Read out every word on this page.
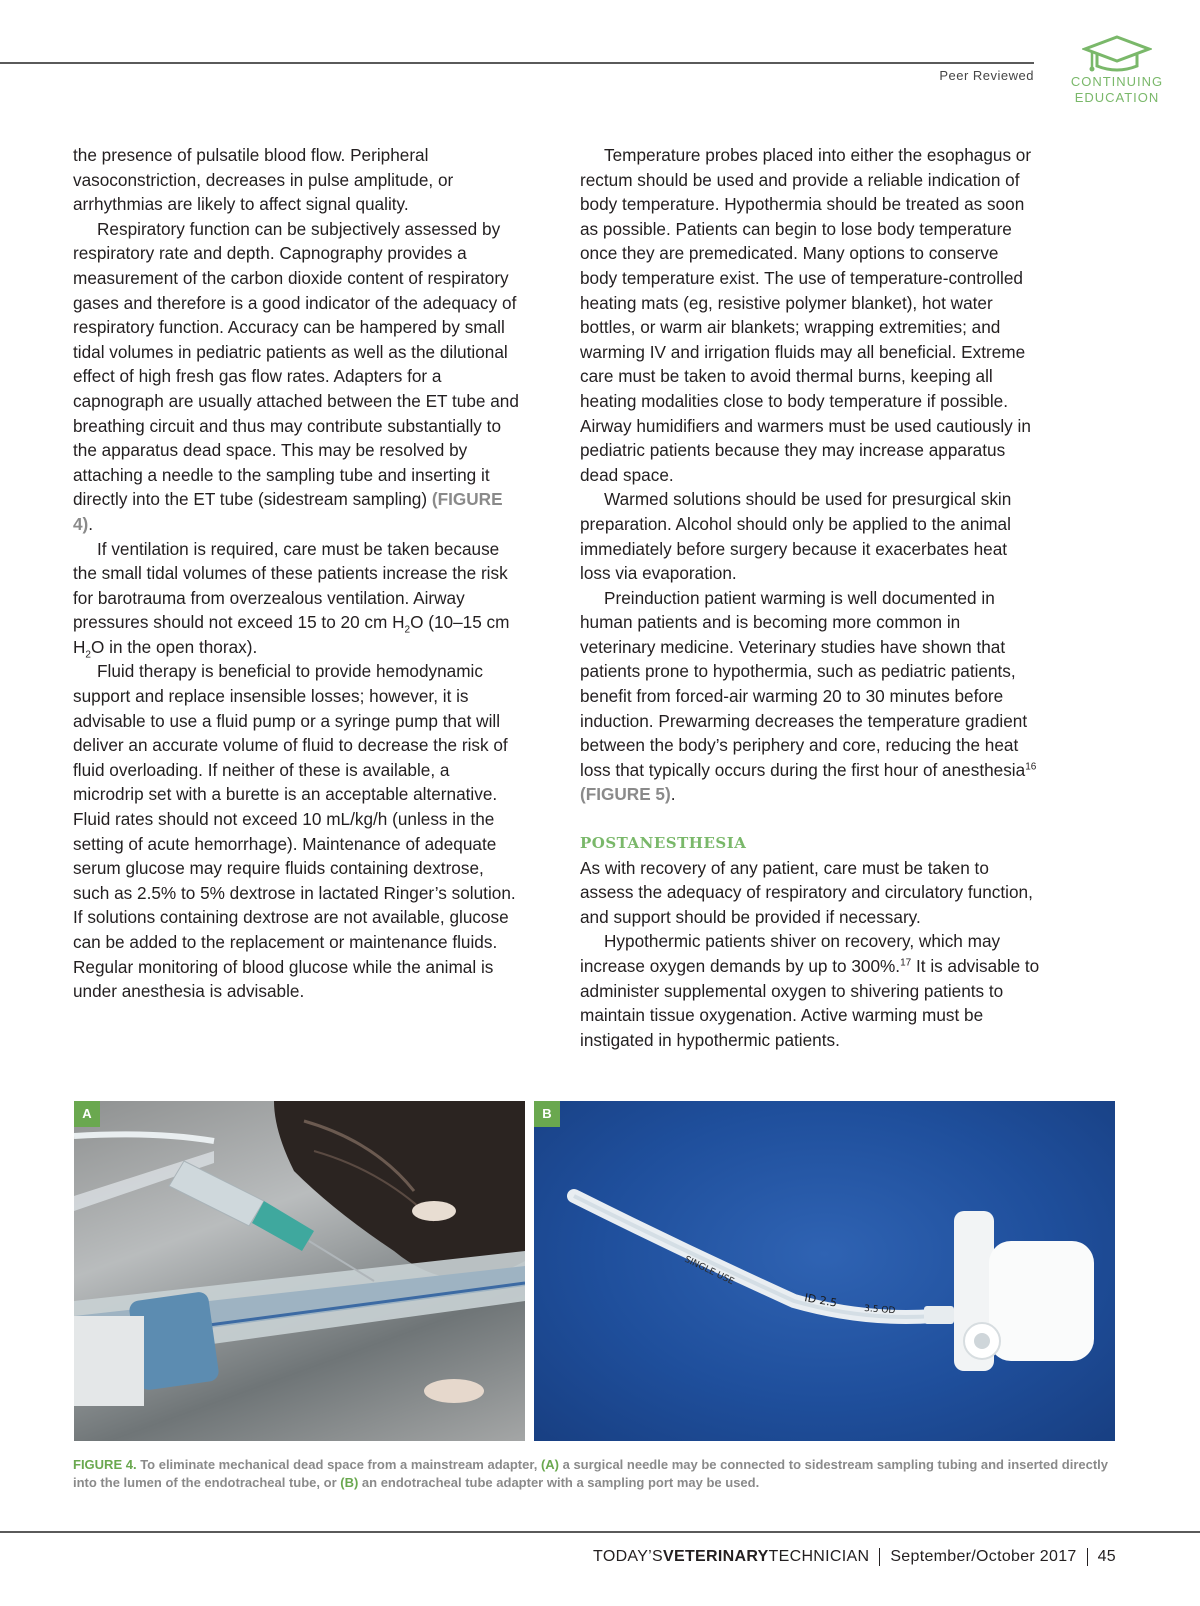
Peer Reviewed	CONTINUING
EDUCATION

the presence of pulsatile blood flow. Peripheral vasoconstriction, decreases in pulse amplitude, or arrhythmias are likely to affect signal quality.

Respiratory function can be subjectively assessed by respiratory rate and depth. Capnography provides a measurement of the carbon dioxide content of respiratory gases and therefore is a good indicator of the adequacy of respiratory function. Accuracy can be hampered by small tidal volumes in pediatric patients as well as the dilutional effect of high fresh gas flow rates. Adapters for a capnograph are usually attached between the ET tube and breathing circuit and thus may contribute substantially to the apparatus dead space. This may be resolved by attaching a needle to the sampling tube and inserting it directly into the ET tube (sidestream sampling) (FIGURE 4).

If ventilation is required, care must be taken because the small tidal volumes of these patients increase the risk for barotrauma from overzealous ventilation. Airway pressures should not exceed 15 to 20 cm $H_2O$ (10–15 cm $H_2O$ in the open thorax).

Fluid therapy is beneficial to provide hemodynamic support and replace insensible losses; however, it is advisable to use a fluid pump or a syringe pump that will deliver an accurate volume of fluid to decrease the risk of fluid overloading. If neither of these is available, a microdrip set with a burette is an acceptable alternative. Fluid rates should not exceed 10 mL/kg/h (unless in the setting of acute hemorrhage). Maintenance of adequate serum glucose may require fluids containing dextrose, such as 2.5% to 5% dextrose in lactated Ringer’s solution. If solutions containing dextrose are not available, glucose can be added to the replacement or maintenance fluids. Regular monitoring of blood glucose while the animal is under anesthesia is advisable.

Temperature probes placed into either the esophagus or rectum should be used and provide a reliable indication of body temperature. Hypothermia should be treated as soon as possible. Patients can begin to lose body temperature once they are premedicated. Many options to conserve body temperature exist. The use of temperature-controlled heating mats (eg, resistive polymer blanket), hot water bottles, or warm air blankets; wrapping extremities; and warming IV and irrigation fluids may all beneficial. Extreme care must be taken to avoid thermal burns, keeping all heating modalities close to body temperature if possible. Airway humidifiers and warmers must be used cautiously in pediatric patients because they may increase apparatus dead space.

Warmed solutions should be used for presurgical skin preparation. Alcohol should only be applied to the animal immediately before surgery because it exacerbates heat loss via evaporation.

Preinduction patient warming is well documented in human patients and is becoming more common in veterinary medicine. Veterinary studies have shown that patients prone to hypothermia, such as pediatric patients, benefit from forced-air warming 20 to 30 minutes before induction. Prewarming decreases the temperature gradient between the body’s periphery and core, reducing the heat loss that typically occurs during the first hour of anesthesia$^{16}$ (FIGURE 5).

POSTANESTHESIA

As with recovery of any patient, care must be taken to assess the adequacy of respiratory and circulatory function, and support should be provided if necessary.

Hypothermic patients shiver on recovery, which may increase oxygen demands by up to 300%.$^{17}$ It is advisable to administer supplemental oxygen to shivering patients to maintain tissue oxygenation. Active warming must be instigated in hypothermic patients.

A	B
SINGLE USE
ID 2.5
3.5 OD
FIGURE 4. To eliminate mechanical dead space from a mainstream adapter, (A) a surgical needle may be connected to sidestream sampling tubing and inserted directly into the lumen of the endotracheal tube, or (B) an endotracheal tube adapter with a sampling port may be used.
TODAY’SVETERINARYTECHNICIAN September/October 2017 45
